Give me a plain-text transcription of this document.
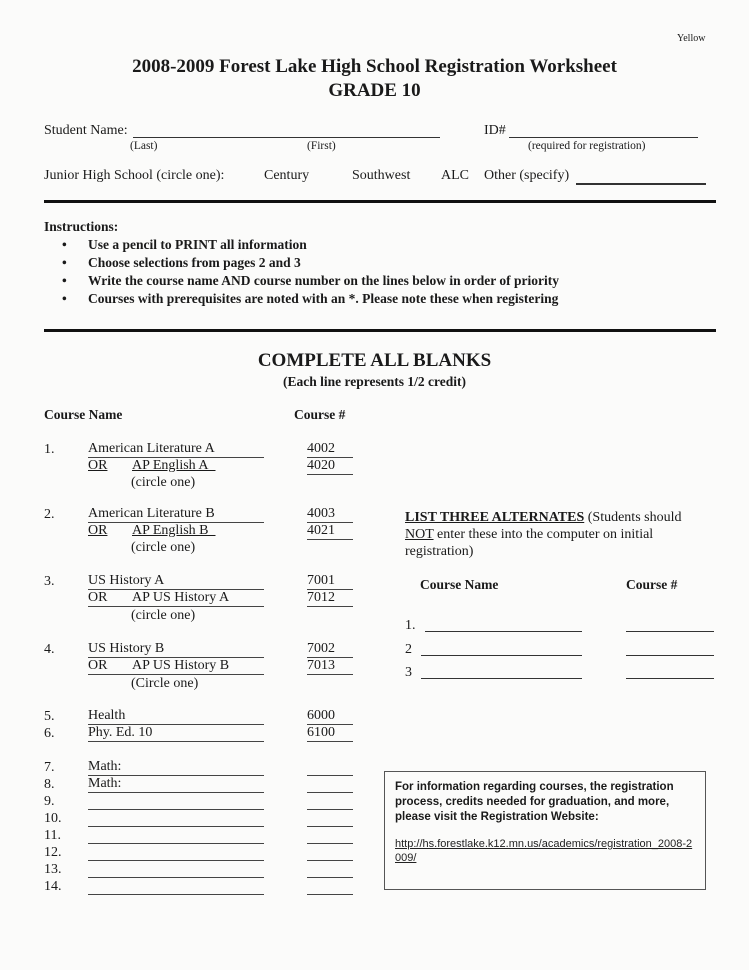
Yellow
2008-2009 Forest Lake High School Registration Worksheet
GRADE 10
Student Name:
(Last)	(First)
ID#
(required for registration)
Junior High School (circle one):	Century	Southwest ALC Other (specify)
Instructions:
• Use a pencil to PRINT all information
• Choose selections from pages 2 and 3
• Write the course name AND course number on the lines below in order of priority
• Courses with prerequisites are noted with an *. Please note these when registering
COMPLETE ALL BLANKS
(Each line represents 1/2 credit)
Course Name	Course #
1. American Literature A	4002
OR AP English A	4020
(circle one)
2. American Literature B	4003
OR AP English B	4021
(circle one)
3. US History A	7001
OR AP US History A	7012
(circle one)
4. US History B	7002
OR AP US History B	7013
(Circle one)
5. Health	6000
6. Phy. Ed. 10	6100
7. Math:
8. Math:
9.
10.
11.
12.
13.
14.
LIST THREE ALTERNATES (Students should
NOT enter these into the computer on initial
registration)
Course Name	Course #
1.
2
3
For information regarding courses, the registration process, credits needed for graduation, and more, please visit the Registration Website:
http://hs.forestlake.k12.mn.us/academics/registration_2008-2009/
